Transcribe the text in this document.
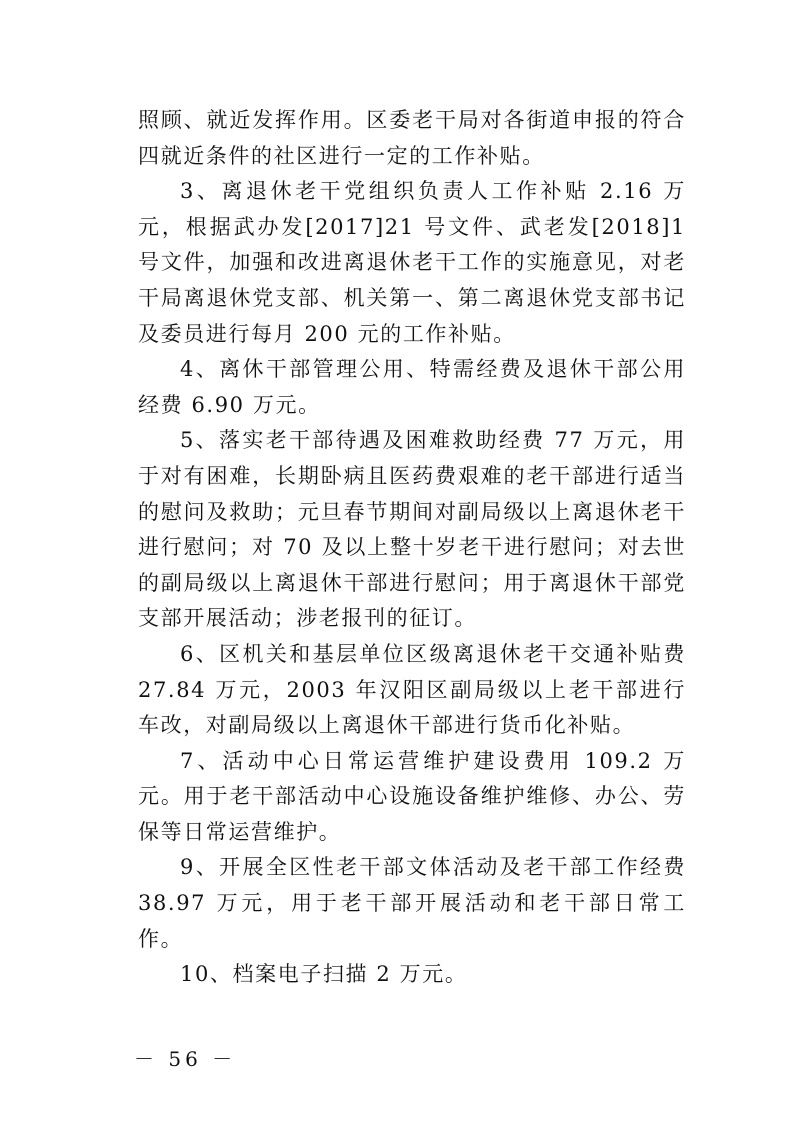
照顾、就近发挥作用。区委老干局对各街道申报的符合四就近条件的社区进行一定的工作补贴。

3、离退休老干党组织负责人工作补贴 2.16 万元，根据武办发[2017]21 号文件、武老发[2018]1 号文件，加强和改进离退休老干工作的实施意见，对老干局离退休党支部、机关第一、第二离退休党支部书记及委员进行每月 200 元的工作补贴。

4、离休干部管理公用、特需经费及退休干部公用经费 6.90 万元。

5、落实老干部待遇及困难救助经费 77 万元，用于对有困难，长期卧病且医药费艰难的老干部进行适当的慰问及救助；元旦春节期间对副局级以上离退休老干进行慰问；对 70 及以上整十岁老干进行慰问；对去世的副局级以上离退休干部进行慰问；用于离退休干部党支部开展活动；涉老报刊的征订。

6、区机关和基层单位区级离退休老干交通补贴费 27.84 万元，2003 年汉阳区副局级以上老干部进行车改，对副局级以上离退休干部进行货币化补贴。

7、活动中心日常运营维护建设费用 109.2 万元。用于老干部活动中心设施设备维护维修、办公、劳保等日常运营维护。

9、开展全区性老干部文体活动及老干部工作经费 38.97 万元，用于老干部开展活动和老干部日常工作。

10、档案电子扫描 2 万元。

－ 56 －
